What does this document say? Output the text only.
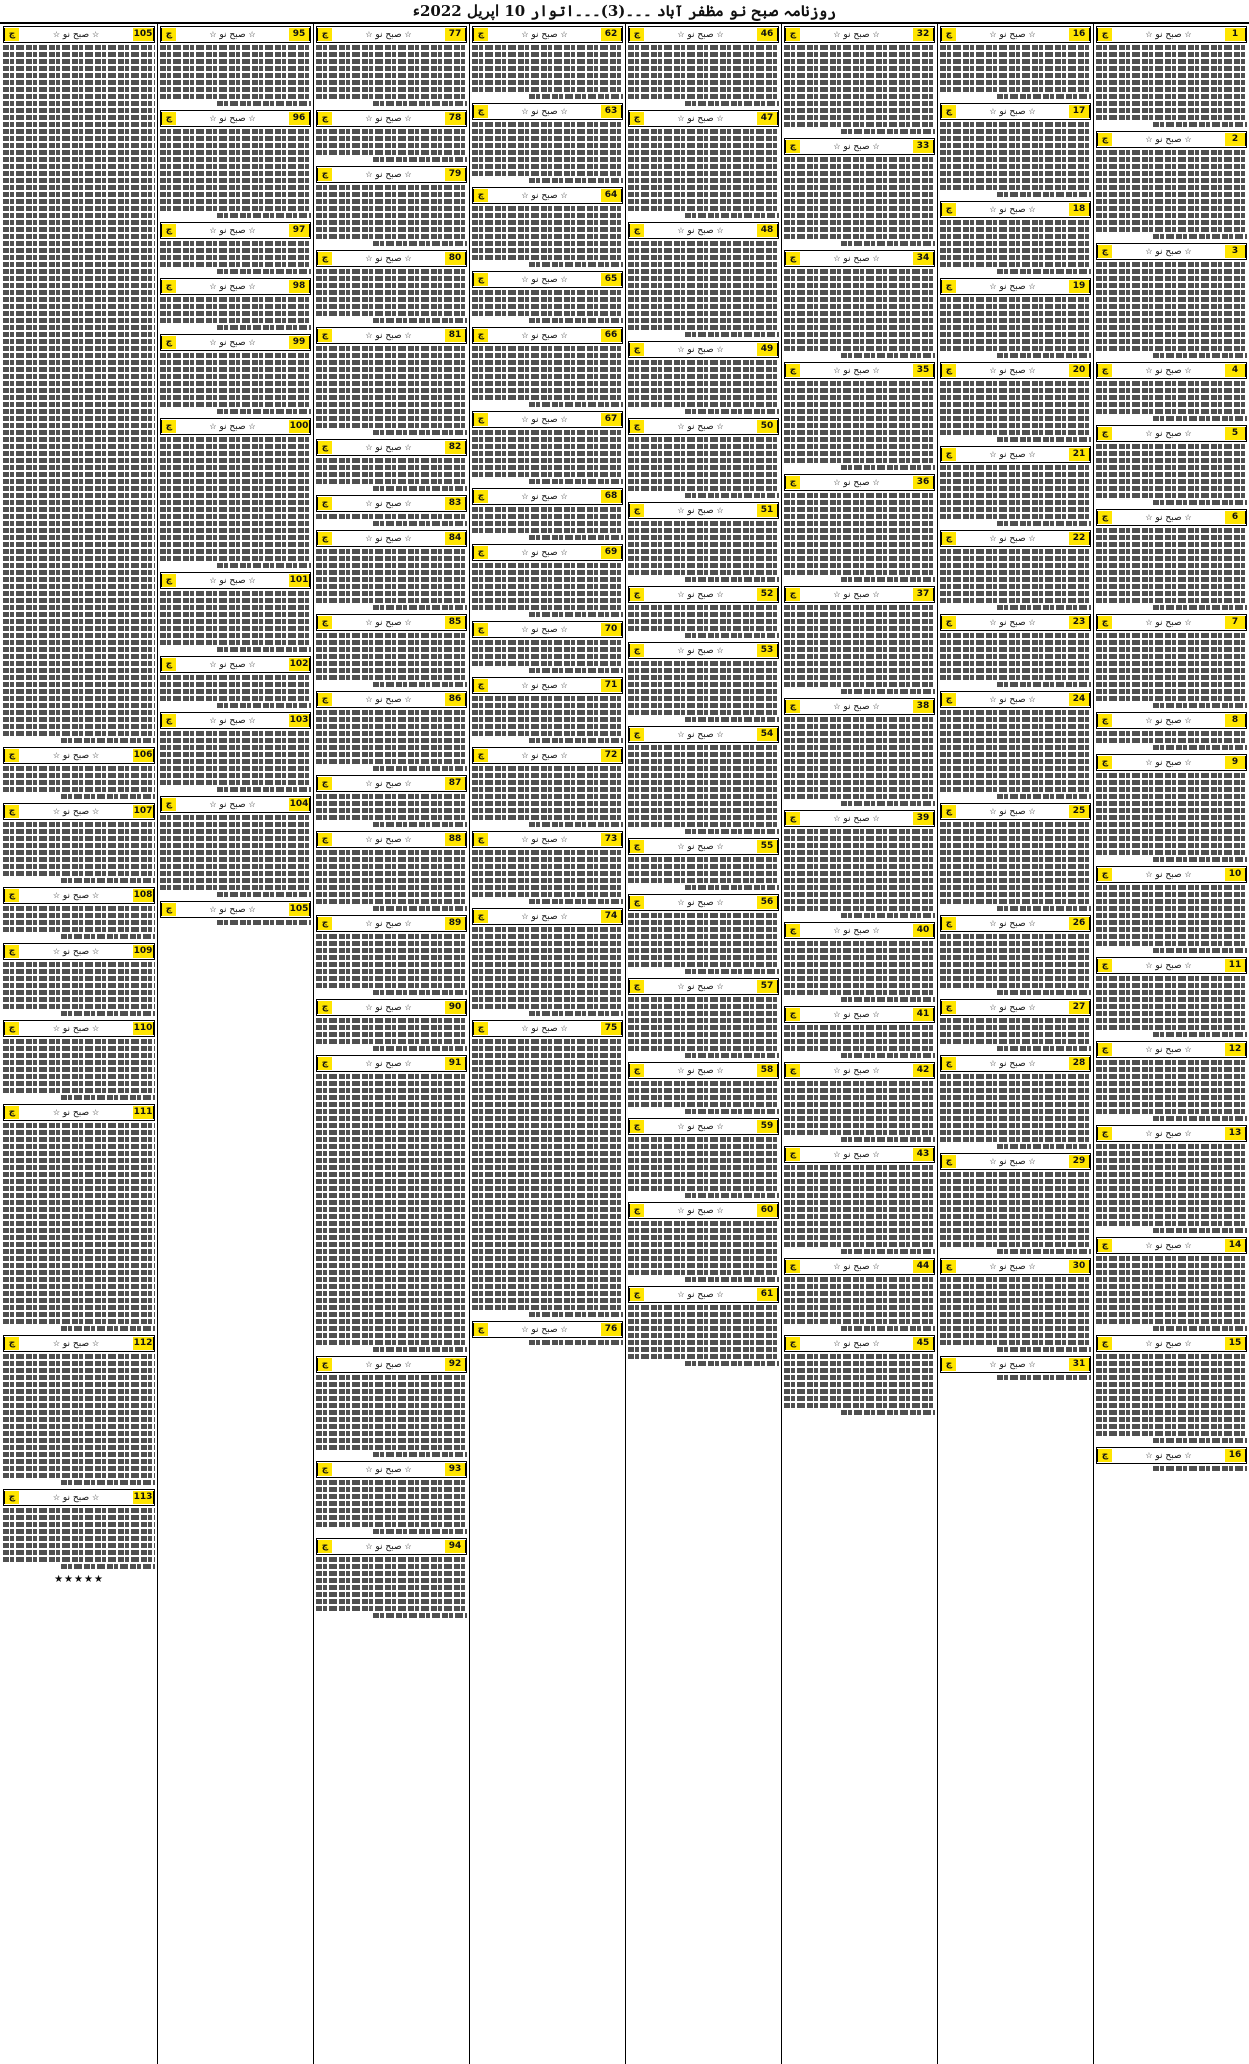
روزنامہ صبح نو مظفر آباد ۔۔۔(3)۔۔۔اتوار 10 اپریل 2022ء
چ	☆ صبح نو ☆	1
چ	☆ صبح نو ☆	2
چ	☆ صبح نو ☆	3
چ	☆ صبح نو ☆	4
چ	☆ صبح نو ☆	5
چ	☆ صبح نو ☆	6
چ	☆ صبح نو ☆	7
چ	☆ صبح نو ☆	8
چ	☆ صبح نو ☆	9
چ	☆ صبح نو ☆	10
چ	☆ صبح نو ☆	11
چ	☆ صبح نو ☆	12
چ	☆ صبح نو ☆	13
چ	☆ صبح نو ☆	14
چ	☆ صبح نو ☆	15
چ	☆ صبح نو ☆	16
چ	☆ صبح نو ☆	16
چ	☆ صبح نو ☆	17
چ	☆ صبح نو ☆	18
چ	☆ صبح نو ☆	19
چ	☆ صبح نو ☆	20
چ	☆ صبح نو ☆	21
چ	☆ صبح نو ☆	22
چ	☆ صبح نو ☆	23
چ	☆ صبح نو ☆	24
چ	☆ صبح نو ☆	25
چ	☆ صبح نو ☆	26
چ	☆ صبح نو ☆	27
چ	☆ صبح نو ☆	28
چ	☆ صبح نو ☆	29
چ	☆ صبح نو ☆	30
چ	☆ صبح نو ☆	31
چ	☆ صبح نو ☆	32
چ	☆ صبح نو ☆	33
چ	☆ صبح نو ☆	34
چ	☆ صبح نو ☆	35
چ	☆ صبح نو ☆	36
چ	☆ صبح نو ☆	37
چ	☆ صبح نو ☆	38
چ	☆ صبح نو ☆	39
چ	☆ صبح نو ☆	40
چ	☆ صبح نو ☆	41
چ	☆ صبح نو ☆	42
چ	☆ صبح نو ☆	43
چ	☆ صبح نو ☆	44
چ	☆ صبح نو ☆	45
چ	☆ صبح نو ☆	46
چ	☆ صبح نو ☆	47
چ	☆ صبح نو ☆	48
چ	☆ صبح نو ☆	49
چ	☆ صبح نو ☆	50
چ	☆ صبح نو ☆	51
چ	☆ صبح نو ☆	52
چ	☆ صبح نو ☆	53
چ	☆ صبح نو ☆	54
چ	☆ صبح نو ☆	55
چ	☆ صبح نو ☆	56
چ	☆ صبح نو ☆	57
چ	☆ صبح نو ☆	58
چ	☆ صبح نو ☆	59
چ	☆ صبح نو ☆	60
چ	☆ صبح نو ☆	61
چ	☆ صبح نو ☆	62
چ	☆ صبح نو ☆	63
چ	☆ صبح نو ☆	64
چ	☆ صبح نو ☆	65
چ	☆ صبح نو ☆	66
چ	☆ صبح نو ☆	67
چ	☆ صبح نو ☆	68
چ	☆ صبح نو ☆	69
چ	☆ صبح نو ☆	70
چ	☆ صبح نو ☆	71
چ	☆ صبح نو ☆	72
چ	☆ صبح نو ☆	73
چ	☆ صبح نو ☆	74
چ	☆ صبح نو ☆	75
چ	☆ صبح نو ☆	76
چ	☆ صبح نو ☆	77
چ	☆ صبح نو ☆	78
چ	☆ صبح نو ☆	79
چ	☆ صبح نو ☆	80
چ	☆ صبح نو ☆	81
چ	☆ صبح نو ☆	82
چ	☆ صبح نو ☆	83
چ	☆ صبح نو ☆	84
چ	☆ صبح نو ☆	85
چ	☆ صبح نو ☆	86
چ	☆ صبح نو ☆	87
چ	☆ صبح نو ☆	88
چ	☆ صبح نو ☆	89
چ	☆ صبح نو ☆	90
چ	☆ صبح نو ☆	91
چ	☆ صبح نو ☆	92
چ	☆ صبح نو ☆	93
چ	☆ صبح نو ☆	94
چ	☆ صبح نو ☆	95
چ	☆ صبح نو ☆	96
چ	☆ صبح نو ☆	97
چ	☆ صبح نو ☆	98
چ	☆ صبح نو ☆	99
چ	☆ صبح نو ☆	100
چ	☆ صبح نو ☆	101
چ	☆ صبح نو ☆	102
چ	☆ صبح نو ☆	103
چ	☆ صبح نو ☆	104
چ	☆ صبح نو ☆	105
چ	☆ صبح نو ☆	105
چ	☆ صبح نو ☆	106
چ	☆ صبح نو ☆	107
چ	☆ صبح نو ☆	108
چ	☆ صبح نو ☆	109
چ	☆ صبح نو ☆	110
چ	☆ صبح نو ☆	111
چ	☆ صبح نو ☆	112
چ	☆ صبح نو ☆	113
★★★★★
